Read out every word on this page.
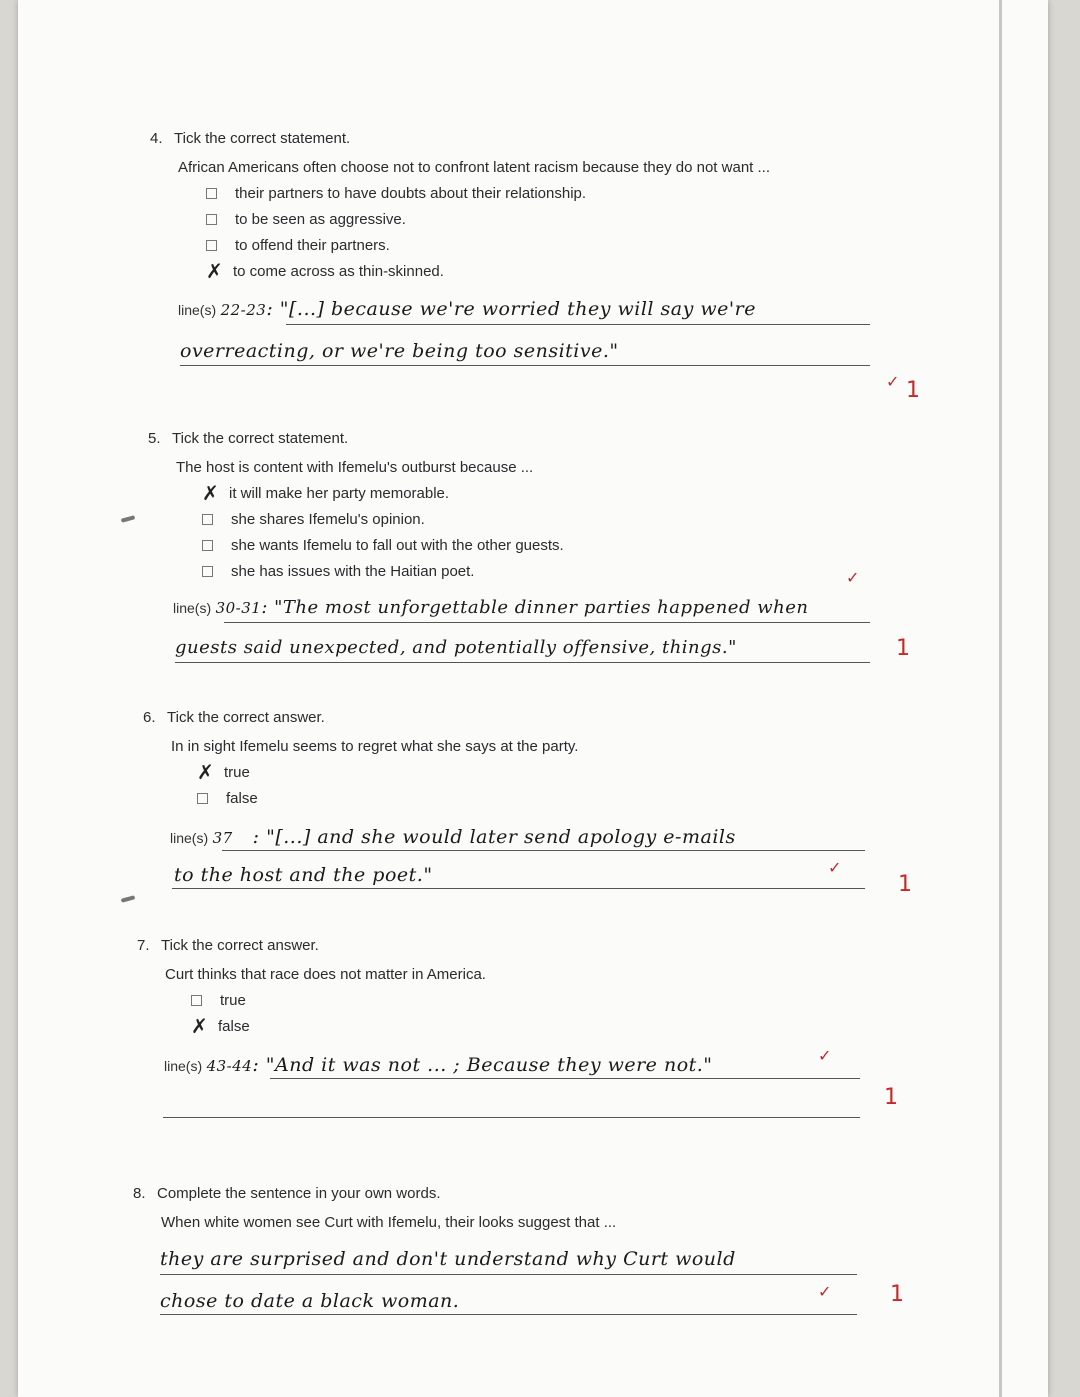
4. Tick the correct statement.
African Americans often choose not to confront latent racism because they do not want ...
their partners to have doubts about their relationship.
to be seen as aggressive.
to offend their partners.
✗ to come across as thin-skinned.
line(s) 22-23: "[...] because we're worried they will say we're
overreacting, or we're being too sensitive."
✓ 1
5. Tick the correct statement.
The host is content with Ifemelu's outburst because ...
✗ it will make her party memorable.
she shares Ifemelu's opinion.
she wants Ifemelu to fall out with the other guests.
she has issues with the Haitian poet.	✓
line(s) 30-31: "The most unforgettable dinner parties happened when
guests said unexpected, and potentially offensive, things."	1
6. Tick the correct answer.
In in sight Ifemelu seems to regret what she says at the party.
✗ true
false
line(s) 37 : "[...] and she would later send apology e-mails
to the host and the poet."	✓
1
7. Tick the correct answer.
Curt thinks that race does not matter in America.
true
✗ false
line(s) 43-44: "And it was not ... ; Because they were not."	✓
1
8. Complete the sentence in your own words.
When white women see Curt with Ifemelu, their looks suggest that ...
they are surprised and don't understand why Curt would
chose to date a black woman.	✓	1
